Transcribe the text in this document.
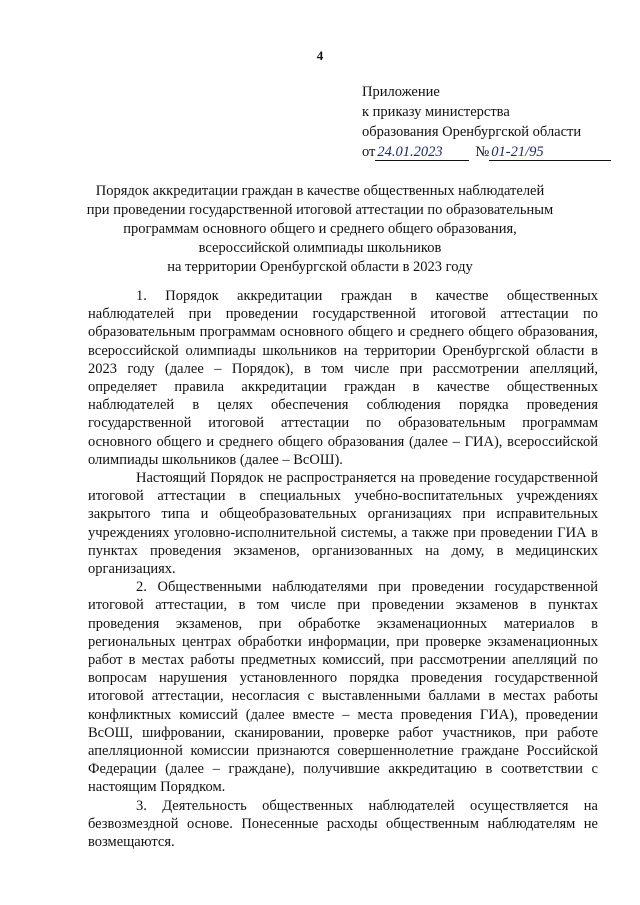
4
Приложение
к приказу министерства
образования Оренбургской области
от 24.01.2023	№ 01-21/95
Порядок аккредитации граждан в качестве общественных наблюдателей
при проведении государственной итоговой аттестации по образовательным
программам основного общего и среднего общего образования,
всероссийской олимпиады школьников
на территории Оренбургской области в 2023 году

1. Порядок аккредитации граждан в качестве общественных наблюдателей при проведении государственной итоговой аттестации по образовательным программам основного общего и среднего общего образования, всероссийской олимпиады школьников на территории Оренбургской области в 2023 году (далее – Порядок), в том числе при рассмотрении апелляций, определяет правила аккредитации граждан в качестве общественных наблюдателей в целях обеспечения соблюдения порядка проведения государственной итоговой аттестации по образовательным программам основного общего и среднего общего образования (далее – ГИА), всероссийской олимпиады школьников (далее – ВсОШ).

Настоящий Порядок не распространяется на проведение государственной итоговой аттестации в специальных учебно-воспитательных учреждениях закрытого типа и общеобразовательных организациях при исправительных учреждениях уголовно-исполнительной системы, а также при проведении ГИА в пунктах проведения экзаменов, организованных на дому, в медицинских организациях.

2. Общественными наблюдателями при проведении государственной итоговой аттестации, в том числе при проведении экзаменов в пунктах проведения экзаменов, при обработке экзаменационных материалов в региональных центрах обработки информации, при проверке экзаменационных работ в местах работы предметных комиссий, при рассмотрении апелляций по вопросам нарушения установленного порядка проведения государственной итоговой аттестации, несогласия с выставленными баллами в местах работы конфликтных комиссий (далее вместе – места проведения ГИА), проведении ВсОШ, шифровании, сканировании, проверке работ участников, при работе апелляционной комиссии признаются совершеннолетние граждане Российской Федерации (далее – граждане), получившие аккредитацию в соответствии с настоящим Порядком.

3. Деятельность общественных наблюдателей осуществляется на безвозмездной основе. Понесенные расходы общественным наблюдателям не возмещаются.
